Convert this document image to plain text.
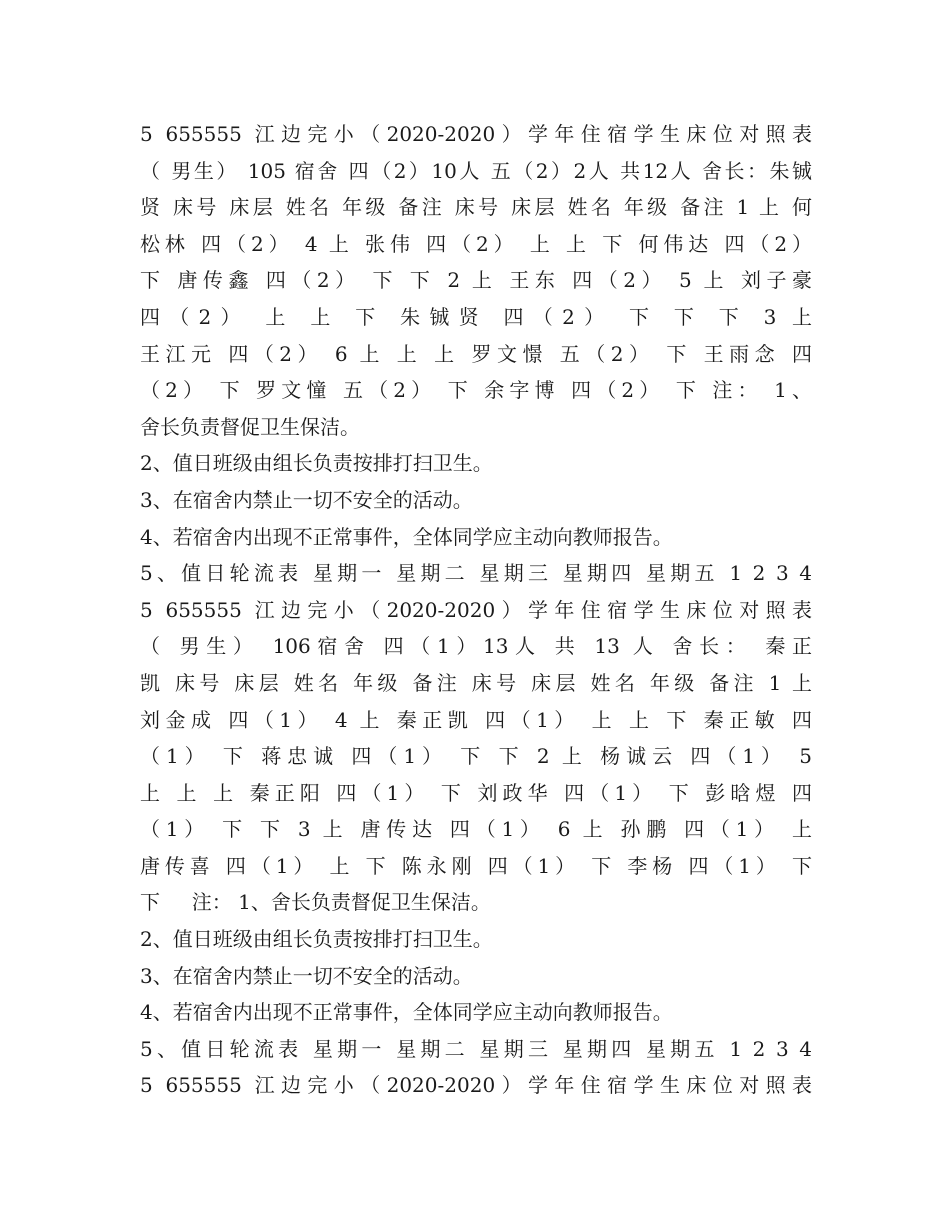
5 655555 江边完小（2020-2020）学年住宿学生床位对照表
（ 男生） 105 宿舍 四（2）10人 五（2）2人 共12人 舍长：朱铖
贤 床号 床层 姓名 年级 备注 床号 床层 姓名 年级 备注 1 上 何
松林 四（2） 4 上 张伟 四（2） 上 上 下 何伟达 四（2）
下 唐传鑫 四（2） 下 下 2 上 王东 四（2） 5 上 刘子豪
四（2） 上 上 下 朱铖贤 四（2） 下 下 下 3 上
王江元 四（2） 6 上 上 上 罗文憬 五（2） 下 王雨念 四
（2） 下 罗文憧 五（2） 下 余字博 四（2） 下 注： 1、
舍长负责督促卫生保洁。
2、值日班级由组长负责按排打扫卫生。
3、在宿舍内禁止一切不安全的活动。
4、若宿舍内出现不正常事件，全体同学应主动向教师报告。
5、值日轮流表 星期一 星期二 星期三 星期四 星期五 1 2 3 4
5 655555 江边完小（2020-2020）学年住宿学生床位对照表
（ 男生） 106宿舍 四（1）13人 共 13 人 舍长： 秦正
凯 床号 床层 姓名 年级 备注 床号 床层 姓名 年级 备注 1 上
刘金成 四（1） 4 上 秦正凯 四（1） 上 上 下 秦正敏 四
（1） 下 蒋忠诚 四（1） 下 下 2 上 杨诚云 四（1） 5
上 上 上 秦正阳 四（1） 下 刘政华 四（1） 下 彭晗煜 四
（1） 下 下 3 上 唐传达 四（1） 6 上 孙鹏 四（1） 上
唐传喜 四（1） 上 下 陈永刚 四（1） 下 李杨 四（1） 下
下     注： 1、舍长负责督促卫生保洁。
2、值日班级由组长负责按排打扫卫生。
3、在宿舍内禁止一切不安全的活动。
4、若宿舍内出现不正常事件，全体同学应主动向教师报告。
5、值日轮流表 星期一 星期二 星期三 星期四 星期五 1 2 3 4
5 655555 江边完小（2020-2020）学年住宿学生床位对照表
